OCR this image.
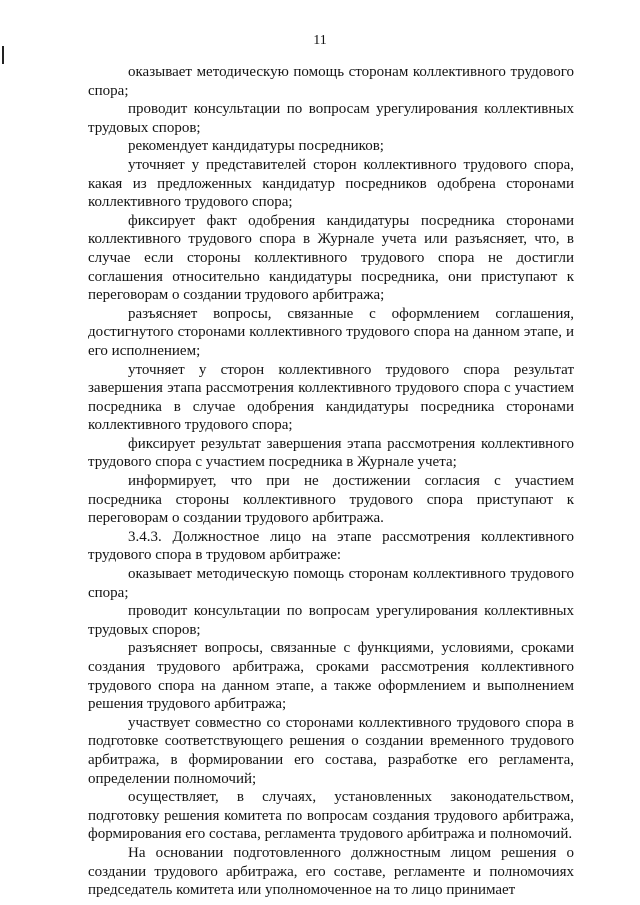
11

оказывает методическую помощь сторонам коллективного трудового спора;

проводит консультации по вопросам урегулирования коллективных трудовых споров;

рекомендует кандидатуры посредников;

уточняет у представителей сторон коллективного трудового спора, какая из предложенных кандидатур посредников одобрена сторонами коллективного трудового спора;

фиксирует факт одобрения кандидатуры посредника сторонами коллективного трудового спора в Журнале учета или разъясняет, что, в случае если стороны коллективного трудового спора не достигли соглашения относительно кандидатуры посредника, они приступают к переговорам о создании трудового арбитража;

разъясняет вопросы, связанные с оформлением соглашения, достигнутого сторонами коллективного трудового спора на данном этапе, и его исполнением;

уточняет у сторон коллективного трудового спора результат завершения этапа рассмотрения коллективного трудового спора с участием посредника в случае одобрения кандидатуры посредника сторонами коллективного трудового спора;

фиксирует результат завершения этапа рассмотрения коллективного трудового спора с участием посредника в Журнале учета;

информирует, что при не достижении согласия с участием посредника стороны коллективного трудового спора приступают к переговорам о создании трудового арбитража.

3.4.3. Должностное лицо на этапе рассмотрения коллективного трудового спора в трудовом арбитраже:

оказывает методическую помощь сторонам коллективного трудового спора;

проводит консультации по вопросам урегулирования коллективных трудовых споров;

разъясняет вопросы, связанные с функциями, условиями, сроками создания трудового арбитража, сроками рассмотрения коллективного трудового спора на данном этапе, а также оформлением и выполнением решения трудового арбитража;

участвует совместно со сторонами коллективного трудового спора в подготовке соответствующего решения о создании временного трудового арбитража, в формировании его состава, разработке его регламента, определении полномочий;

осуществляет, в случаях, установленных законодательством, подготовку решения комитета по вопросам создания трудового арбитража, формирования его состава, регламента трудового арбитража и полномочий.

На основании подготовленного должностным лицом решения о создании трудового арбитража, его составе, регламенте и полномочиях председатель комитета или уполномоченное на то лицо принимает
